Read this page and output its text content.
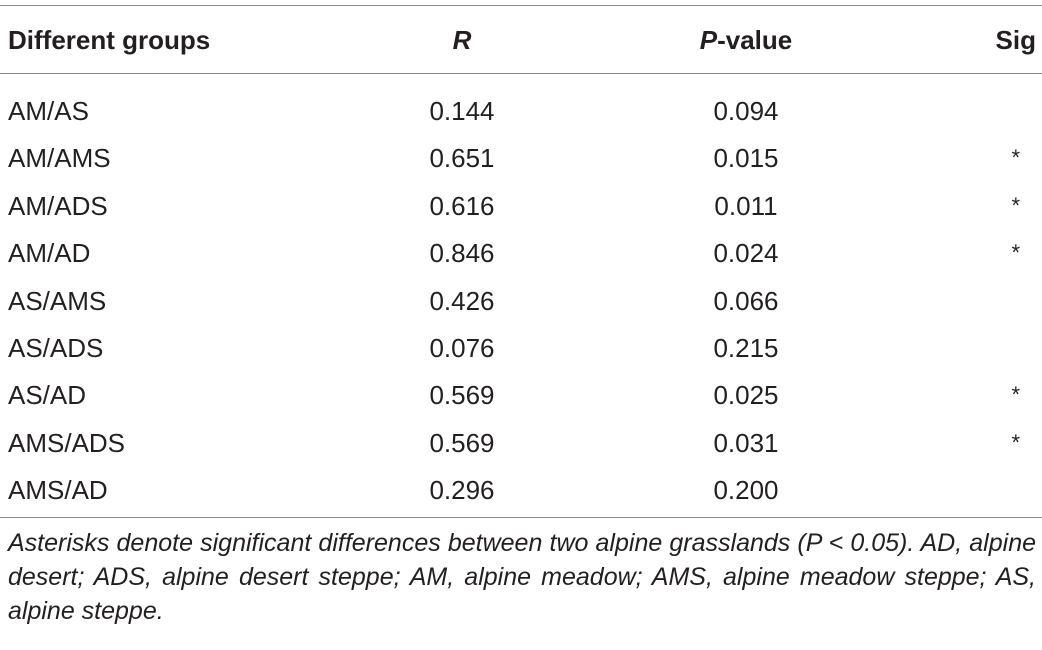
Different groups	R	P-value	Sig
AM/AS	0.144	0.094
AM/AMS	0.651	0.015	*
AM/ADS	0.616	0.011	*
AM/AD	0.846	0.024	*
AS/AMS	0.426	0.066
AS/ADS	0.076	0.215
AS/AD	0.569	0.025	*
AMS/ADS	0.569	0.031	*
AMS/AD	0.296	0.200
Asterisks denote significant differences between two alpine grasslands (P < 0.05). AD, alpine desert; ADS, alpine desert steppe; AM, alpine meadow; AMS, alpine meadow steppe; AS, alpine steppe.
